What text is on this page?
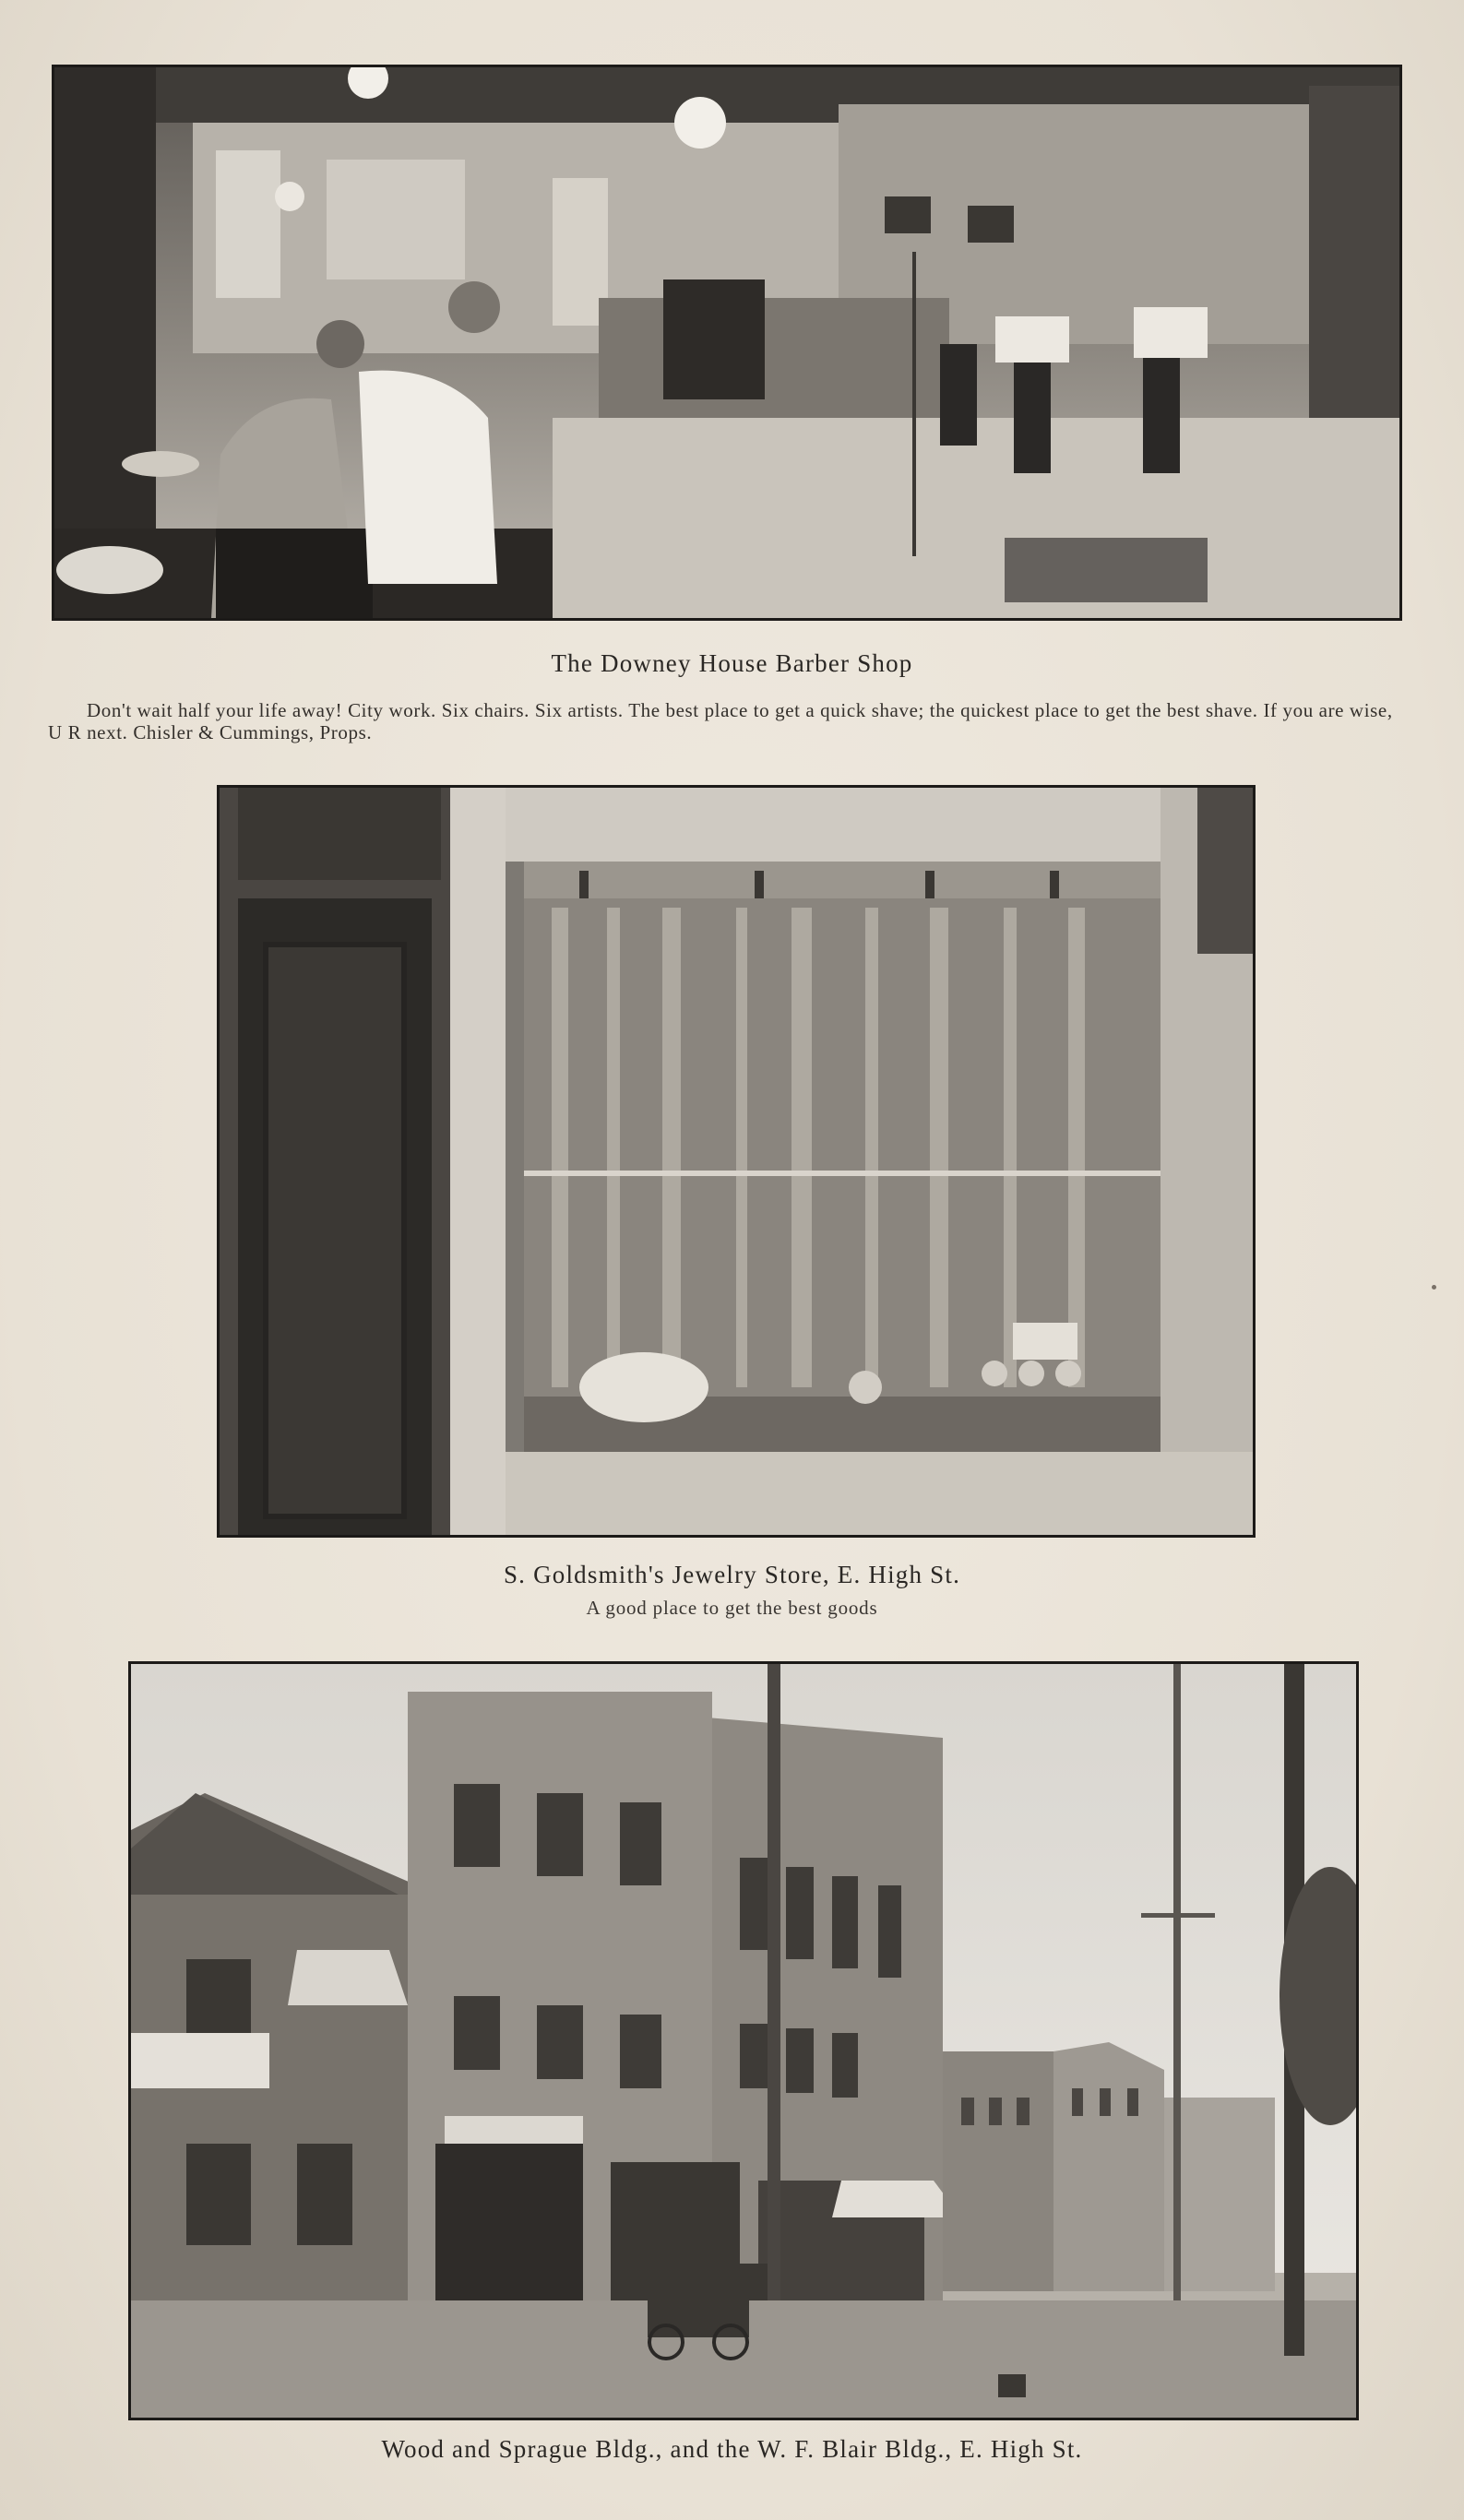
The Downey House Barber Shop

Don't wait half your life away! City work. Six chairs. Six artists. The best place to get a quick shave; the quickest place to get the best shave. If you are wise, U R next. Chisler & Cummings, Props.

S. Goldsmith's Jewelry Store, E. High St.
A good place to get the best goods
Wood and Sprague Bldg., and the W. F. Blair Bldg., E. High St.
